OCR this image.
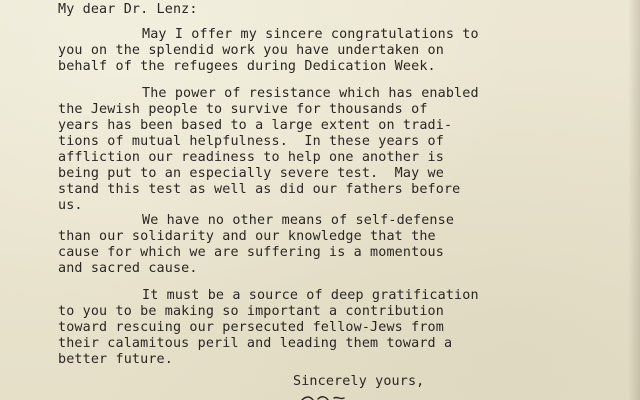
My dear Dr. Lenz:
May I offer my sincere congratulations to
you on the splendid work you have undertaken on
behalf of the refugees during Dedication Week.
The power of resistance which has enabled
the Jewish people to survive for thousands of
years has been based to a large extent on tradi-
tions of mutual helpfulness.  In these years of
affliction our readiness to help one another is
being put to an especially severe test.  May we
stand this test as well as did our fathers before
us.
We have no other means of self-defense
than our solidarity and our knowledge that the
cause for which we are suffering is a momentous
and sacred cause.
It must be a source of deep gratification
to you to be making so important a contribution
toward rescuing our persecuted fellow-Jews from
their calamitous peril and leading them toward a
better future.
Sincerely yours,
